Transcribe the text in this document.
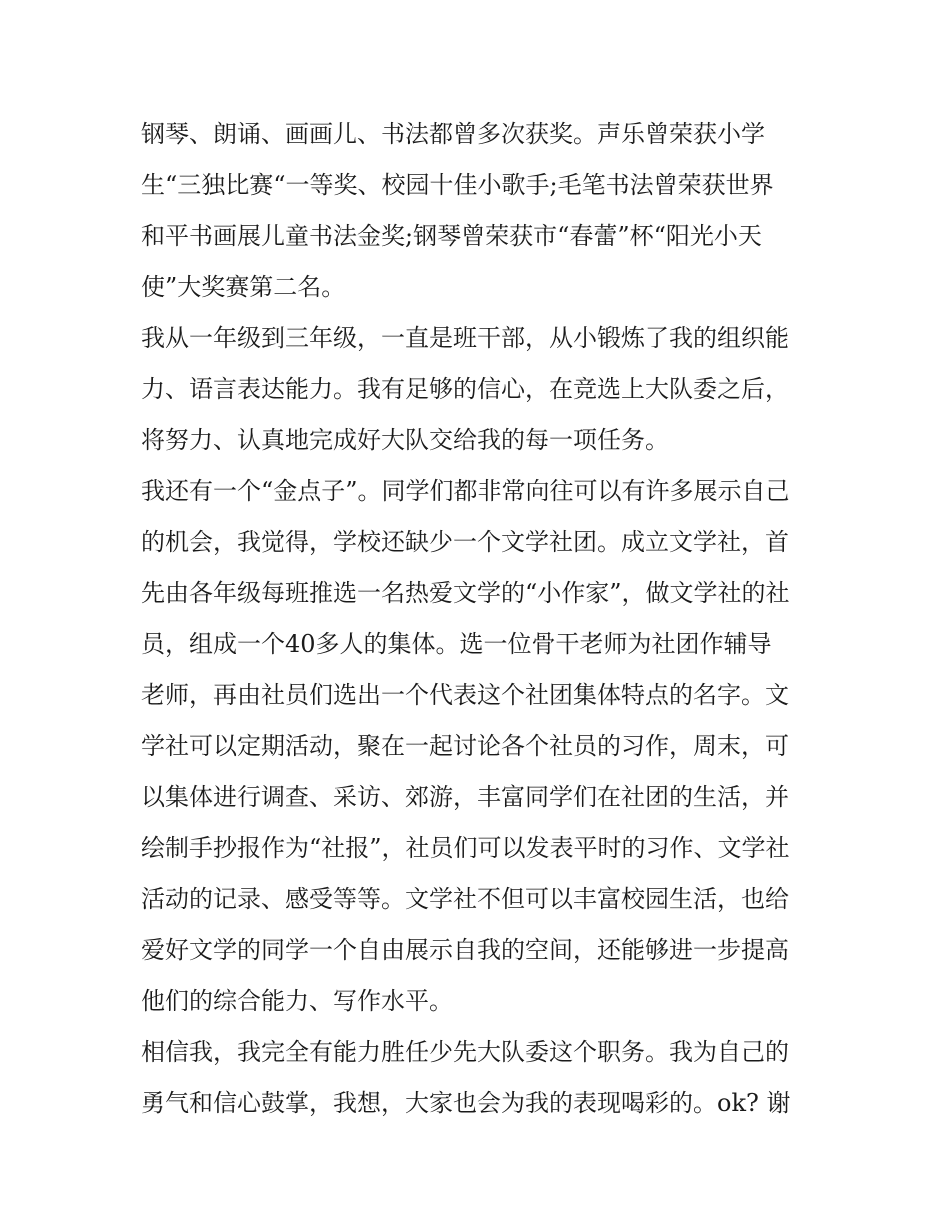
钢琴、朗诵、画画儿、书法都曾多次获奖。声乐曾荣获小学
生“三独比赛“一等奖、校园十佳小歌手;毛笔书法曾荣获世界
和平书画展儿童书法金奖;钢琴曾荣获市“春蕾”杯“阳光小天
使”大奖赛第二名。
我从一年级到三年级，一直是班干部，从小锻炼了我的组织能
力、语言表达能力。我有足够的信心，在竞选上大队委之后，
将努力、认真地完成好大队交给我的每一项任务。
我还有一个“金点子”。同学们都非常向往可以有许多展示自己
的机会，我觉得，学校还缺少一个文学社团。成立文学社，首
先由各年级每班推选一名热爱文学的“小作家”，做文学社的社
员，组成一个40多人的集体。选一位骨干老师为社团作辅导
老师，再由社员们选出一个代表这个社团集体特点的名字。文
学社可以定期活动，聚在一起讨论各个社员的习作，周末，可
以集体进行调查、采访、郊游，丰富同学们在社团的生活，并
绘制手抄报作为“社报”，社员们可以发表平时的习作、文学社
活动的记录、感受等等。文学社不但可以丰富校园生活，也给
爱好文学的同学一个自由展示自我的空间，还能够进一步提高
他们的综合能力、写作水平。
相信我，我完全有能力胜任少先大队委这个职务。我为自己的
勇气和信心鼓掌，我想，大家也会为我的表现喝彩的。ok? 谢
